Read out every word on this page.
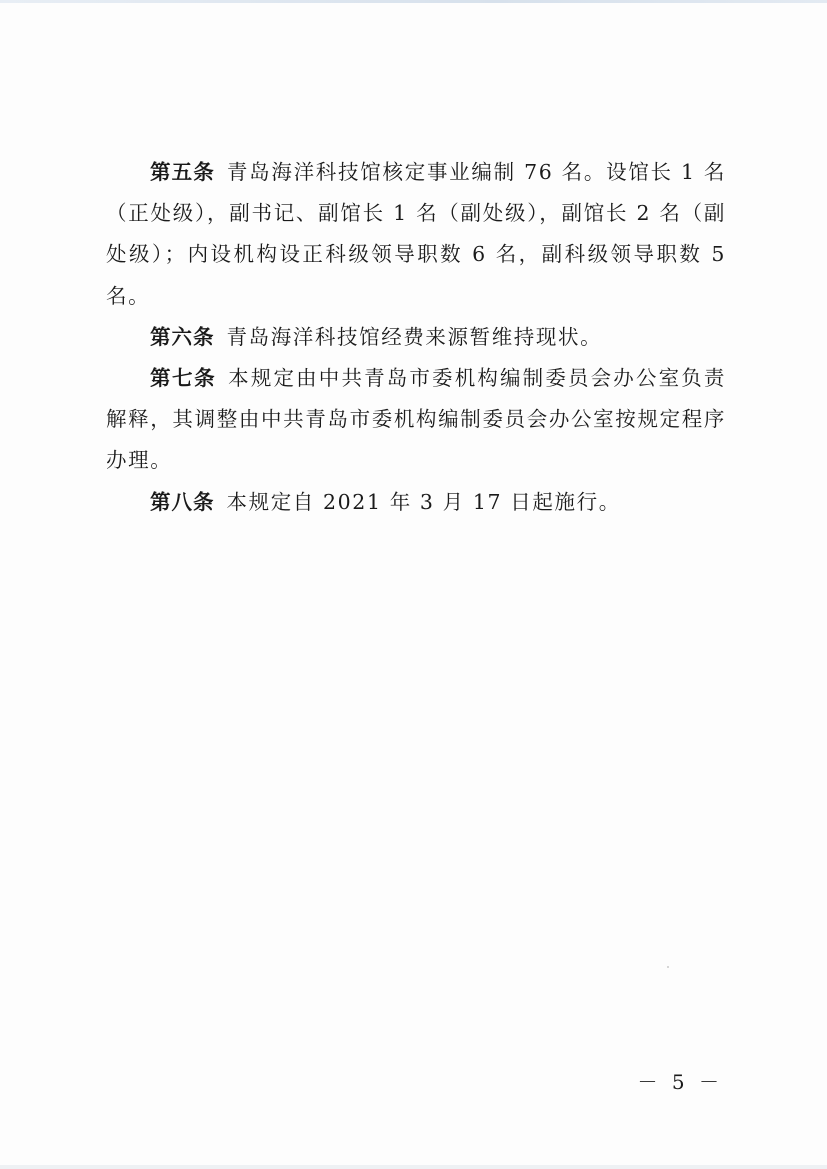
第五条 青岛海洋科技馆核定事业编制 76 名。设馆长 1 名（正处级），副书记、副馆长 1 名（副处级），副馆长 2 名（副处级）；内设机构设正科级领导职数 6 名，副科级领导职数 5 名。

第六条 青岛海洋科技馆经费来源暂维持现状。

第七条 本规定由中共青岛市委机构编制委员会办公室负责解释，其调整由中共青岛市委机构编制委员会办公室按规定程序办理。

第八条 本规定自 2021 年 3 月 17 日起施行。

－ 5 －
